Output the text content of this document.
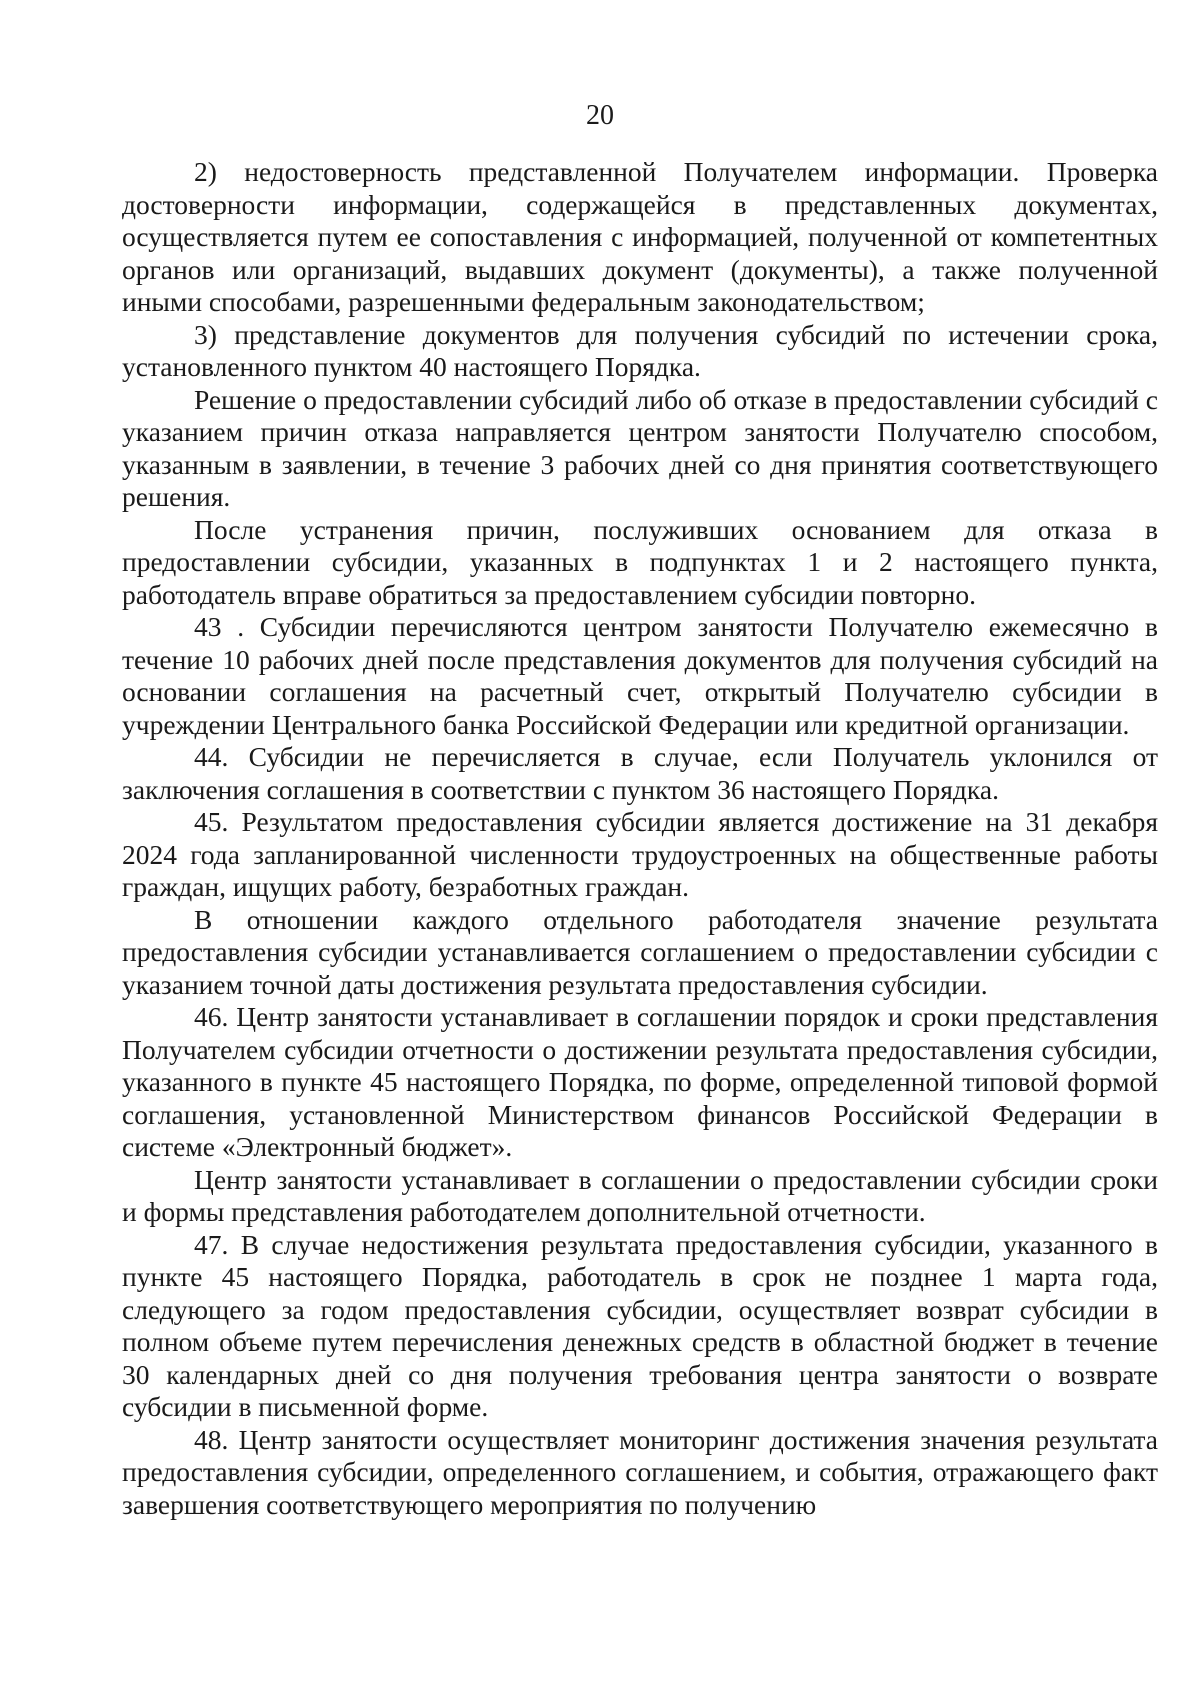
20

2) недостоверность представленной Получателем информации. Проверка достоверности информации, содержащейся в представленных документах, осуществляется путем ее сопоставления с информацией, полученной от компетентных органов или организаций, выдавших документ (документы), а также полученной иными способами, разрешенными федеральным законодательством;

3) представление документов для получения субсидий по истечении срока, установленного пунктом 40 настоящего Порядка.

Решение о предоставлении субсидий либо об отказе в предоставлении субсидий с указанием причин отказа направляется центром занятости Получателю способом, указанным в заявлении, в течение 3 рабочих дней со дня принятия соответствующего решения.

После устранения причин, послуживших основанием для отказа в предоставлении субсидии, указанных в подпунктах 1 и 2 настоящего пункта, работодатель вправе обратиться за предоставлением субсидии повторно.

43 . Субсидии перечисляются центром занятости Получателю ежемесячно в течение 10 рабочих дней после представления документов для получения субсидий на основании соглашения на расчетный счет, открытый Получателю субсидии в учреждении Центрального банка Российской Федерации или кредитной организации.

44. Субсидии не перечисляется в случае, если Получатель уклонился от заключения соглашения в соответствии с пунктом 36 настоящего Порядка.

45. Результатом предоставления субсидии является достижение на 31 декабря 2024 года запланированной численности трудоустроенных на общественные работы граждан, ищущих работу, безработных граждан.

В отношении каждого отдельного работодателя значение результата предоставления субсидии устанавливается соглашением о предоставлении субсидии с указанием точной даты достижения результата предоставления субсидии.

46. Центр занятости устанавливает в соглашении порядок и сроки представления Получателем субсидии отчетности о достижении результата предоставления субсидии, указанного в пункте 45 настоящего Порядка, по форме, определенной типовой формой соглашения, установленной Министерством финансов Российской Федерации в системе «Электронный бюджет».

Центр занятости устанавливает в соглашении о предоставлении субсидии сроки и формы представления работодателем дополнительной отчетности.

47. В случае недостижения результата предоставления субсидии, указанного в пункте 45 настоящего Порядка, работодатель в срок не позднее 1 марта года, следующего за годом предоставления субсидии, осуществляет возврат субсидии в полном объеме путем перечисления денежных средств в областной бюджет в течение 30 календарных дней со дня получения требования центра занятости о возврате субсидии в письменной форме.

48. Центр занятости осуществляет мониторинг достижения значения результата предоставления субсидии, определенного соглашением, и события, отражающего факт завершения соответствующего мероприятия по получению
